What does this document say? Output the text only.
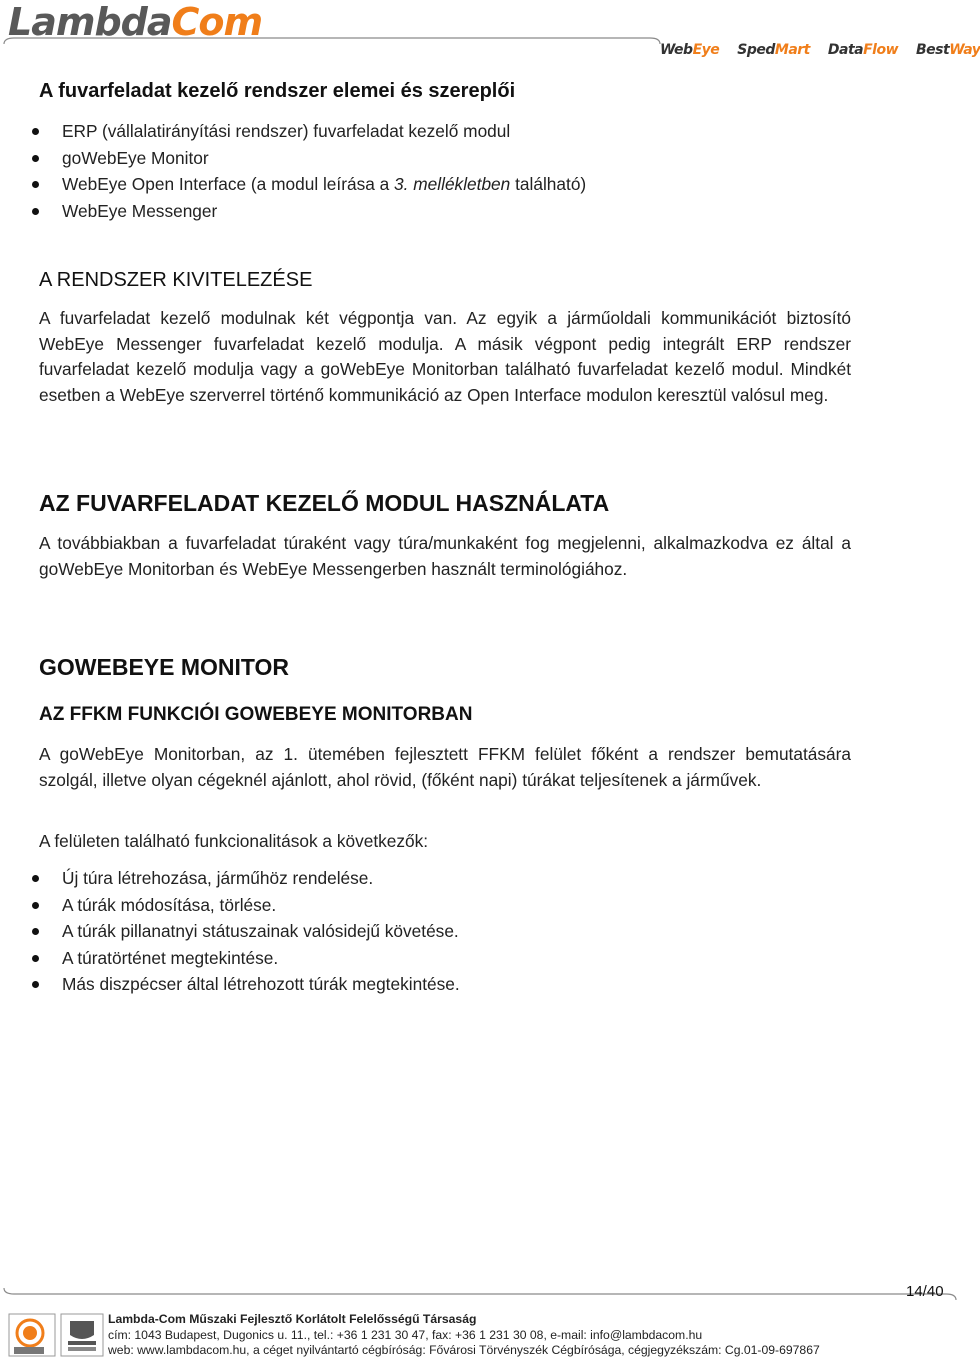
LambdaCom
WebEye SpedMart DataFlow BestWay
A fuvarfeladat kezelő rendszer elemei és szereplői
ERP (vállalatirányítási rendszer) fuvarfeladat kezelő modul
goWebEye Monitor
WebEye Open Interface (a modul leírása a 3. mellékletben található)
WebEye Messenger
A RENDSZER KIVITELEZÉSE
A fuvarfeladat kezelő modulnak két végpontja van. Az egyik a járműoldali kommunikációt biztosító WebEye Messenger fuvarfeladat kezelő modulja. A másik végpont pedig integrált ERP rendszer fuvarfeladat kezelő modulja vagy a goWebEye Monitorban található fuvarfeladat kezelő modul. Mindkét esetben a WebEye szerverrel történő kommunikáció az Open Interface modulon keresztül valósul meg.
AZ FUVARFELADAT KEZELŐ MODUL HASZNÁLATA
A továbbiakban a fuvarfeladat túraként vagy túra/munkaként fog megjelenni, alkalmazkodva ez által a goWebEye Monitorban és WebEye Messengerben használt terminológiához.
GOWEBEYE MONITOR
AZ FFKM FUNKCIÓI GOWEBEYE MONITORBAN
A goWebEye Monitorban, az 1. ütemében fejlesztett FFKM felület főként a rendszer bemutatására szolgál, illetve olyan cégeknél ajánlott, ahol rövid, (főként napi) túrákat teljesítenek a járművek.
A felületen található funkcionalitások a következők:
Új túra létrehozása, járműhöz rendelése.
A túrák módosítása, törlése.
A túrák pillanatnyi státuszainak valósidejű követése.
A túratörténet megtekintése.
Más diszpécser által létrehozott túrák megtekintése.
14/40
Lambda-Com Műszaki Fejlesztő Korlátolt Felelősségű Társaság
cím: 1043 Budapest, Dugonics u. 11., tel.: +36 1 231 30 47, fax: +36 1 231 30 08, e-mail: info@lambdacom.hu
web: www.lambdacom.hu, a céget nyilvántartó cégbíróság: Fővárosi Törvényszék Cégbírósága, cégjegyzékszám: Cg.01-09-697867
